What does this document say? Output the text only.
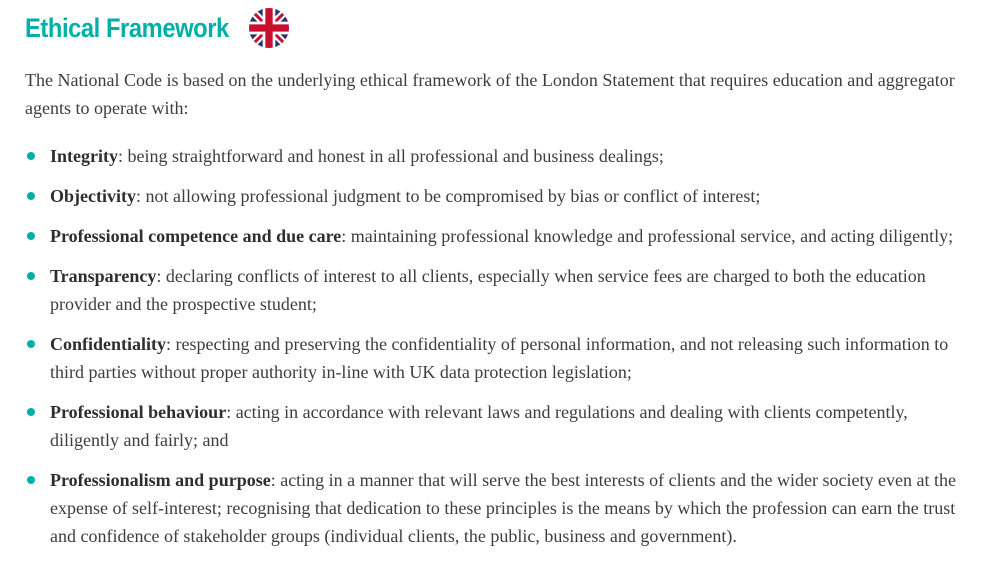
Ethical Framework

The National Code is based on the underlying ethical framework of the London Statement that requires education and aggregator agents to operate with:

Integrity: being straightforward and honest in all professional and business dealings;
Objectivity: not allowing professional judgment to be compromised by bias or conflict of interest;
Professional competence and due care: maintaining professional knowledge and professional service, and acting diligently;
Transparency: declaring conflicts of interest to all clients, especially when service fees are charged to both the education provider and the prospective student;
Confidentiality: respecting and preserving the confidentiality of personal information, and not releasing such information to third parties without proper authority in-line with UK data protection legislation;
Professional behaviour: acting in accordance with relevant laws and regulations and dealing with clients competently, diligently and fairly; and
Professionalism and purpose: acting in a manner that will serve the best interests of clients and the wider society even at the expense of self-interest; recognising that dedication to these principles is the means by which the profession can earn the trust and confidence of stakeholder groups (individual clients, the public, business and government).
